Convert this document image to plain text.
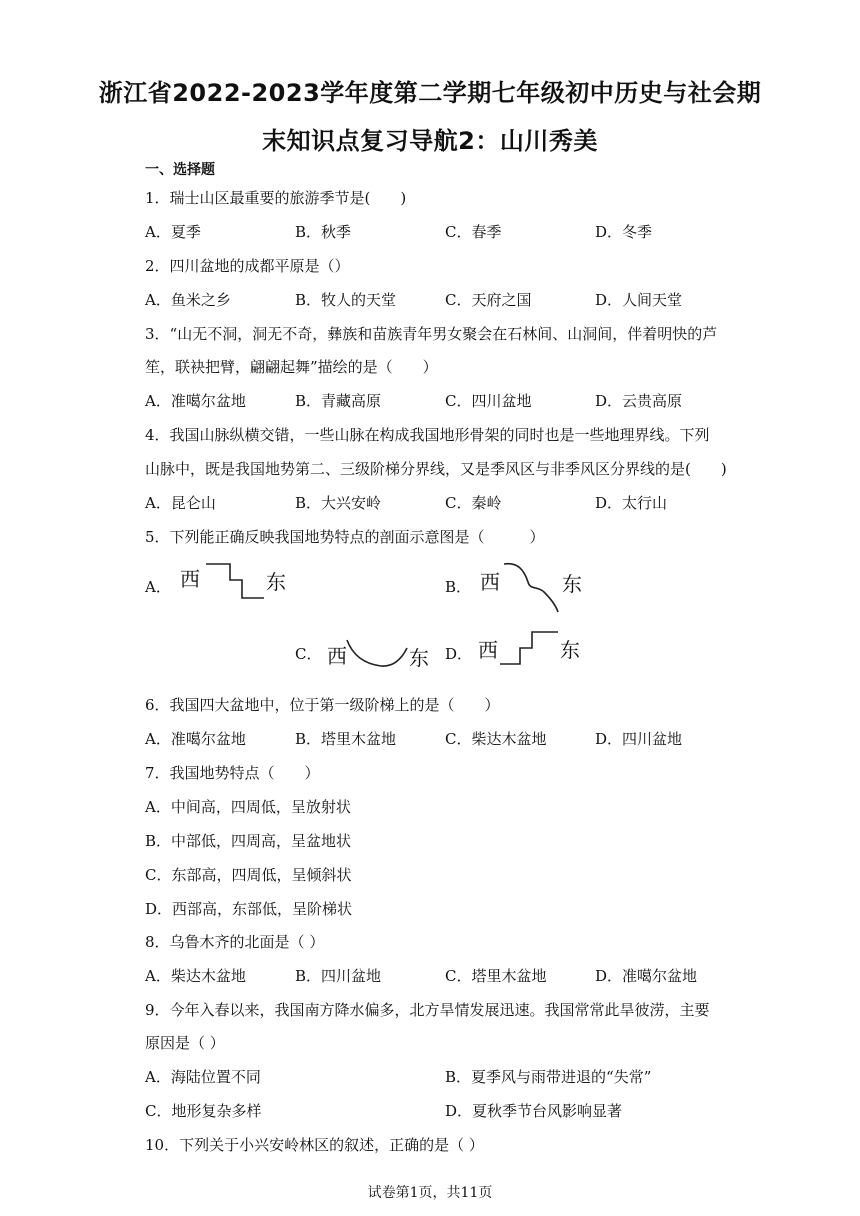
浙江省2022-2023学年度第二学期七年级初中历史与社会期
末知识点复习导航2：山川秀美
一、选择题
1．瑞士山区最重要的旅游季节是(　　)
A．夏季	B．秋季	C．春季	D．冬季
2．四川盆地的成都平原是（）
A．鱼米之乡	B．牧人的天堂	C．天府之国	D．人间天堂
3．“山无不洞，洞无不奇，彝族和苗族青年男女聚会在石林间、山洞间，伴着明快的芦
笙，联袂把臂，翩翩起舞”描绘的是（　　）
A．准噶尔盆地	B．青藏高原	C．四川盆地	D．云贵高原
4．我国山脉纵横交错，一些山脉在构成我国地形骨架的同时也是一些地理界线。下列
山脉中，既是我国地势第二、三级阶梯分界线，又是季风区与非季风区分界线的是(　　)
A．昆仑山	B．大兴安岭	C．秦岭	D．太行山
5．下列能正确反映我国地势特点的剖面示意图是（　　　）
A．	B．
C．	D．
西	东	西	东
西	东 西	东
6．我国四大盆地中，位于第一级阶梯上的是（　　）
A．准噶尔盆地	B．塔里木盆地	C．柴达木盆地	D．四川盆地
7．我国地势特点（　　）
A．中间高，四周低，呈放射状
B．中部低，四周高，呈盆地状
C．东部高，四周低，呈倾斜状
D．西部高，东部低，呈阶梯状
8．乌鲁木齐的北面是（ ）
A．柴达木盆地	B．四川盆地	C．塔里木盆地	D．准噶尔盆地
9．今年入春以来，我国南方降水偏多，北方旱情发展迅速。我国常常此旱彼涝，主要
原因是（ ）
A．海陆位置不同	B．夏季风与雨带进退的“失常”
C．地形复杂多样	D．夏秋季节台风影响显著
10．下列关于小兴安岭林区的叙述，正确的是（ ）
试卷第1页，共11页
